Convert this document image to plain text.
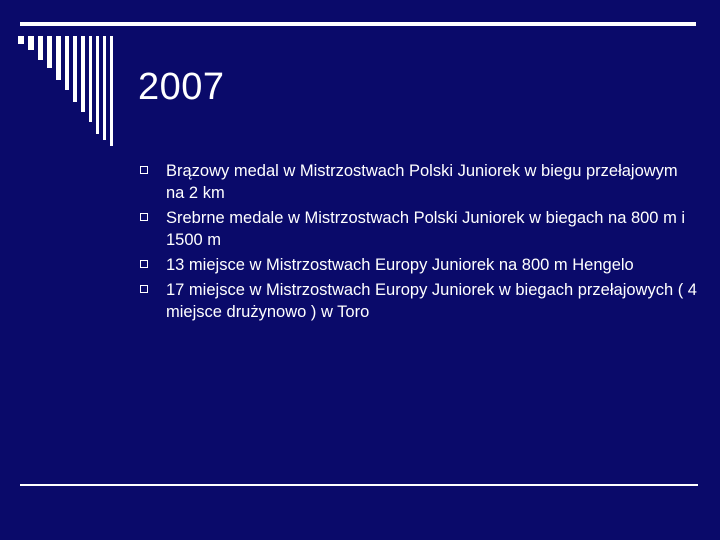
2007
Brązowy medal w Mistrzostwach Polski Juniorek w biegu przełajowym na 2 km
Srebrne medale w Mistrzostwach Polski Juniorek w biegach na 800 m i 1500 m
13 miejsce w Mistrzostwach Europy Juniorek na 800 m Hengelo
17 miejsce w Mistrzostwach Europy Juniorek w biegach przełajowych ( 4 miejsce drużynowo ) w Toro
